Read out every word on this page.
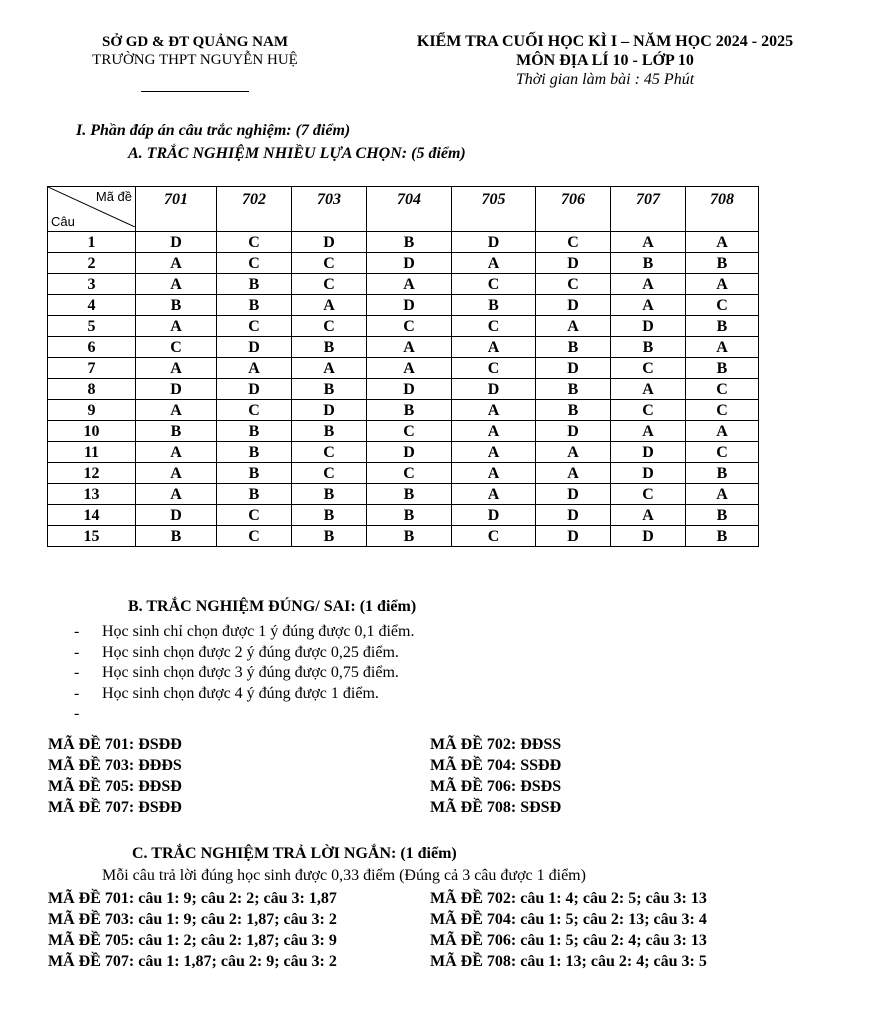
SỞ GD & ĐT QUẢNG NAM
TRƯỜNG THPT NGUYỄN HUỆ
KIỂM TRA CUỐI HỌC KÌ I – NĂM HỌC 2024 - 2025
MÔN ĐỊA LÍ 10 - LỚP 10
Thời gian làm bài : 45 Phút
I. Phần đáp án câu trắc nghiệm: (7 điểm)
A. TRẮC NGHIỆM NHIỀU LỰA CHỌN: (5 điểm)
Mã đề
Câu	701	702	703	704	705	706	707	708
1	D	C	D	B	D	C	A	A
2	A	C	C	D	A	D	B	B
3	A	B	C	A	C	C	A	A
4	B	B	A	D	B	D	A	C
5	A	C	C	C	C	A	D	B
6	C	D	B	A	A	B	B	A
7	A	A	A	A	C	D	C	B
8	D	D	B	D	D	B	A	C
9	A	C	D	B	A	B	C	C
10	B	B	B	C	A	D	A	A
11	A	B	C	D	A	A	D	C
12	A	B	C	C	A	A	D	B
13	A	B	B	B	A	D	C	A
14	D	C	B	B	D	D	A	B
15	B	C	B	B	C	D	D	B
B. TRẮC NGHIỆM ĐÚNG/ SAI: (1 điểm)
- Học sinh chỉ chọn được 1 ý đúng được 0,1 điểm.
- Học sinh chọn được 2 ý đúng được 0,25 điểm.
- Học sinh chọn được 3 ý đúng được 0,75 điểm.
- Học sinh chọn được 4 ý đúng được 1 điểm.
-
MÃ ĐỀ 701: ĐSĐĐ
MÃ ĐỀ 703: ĐĐĐS
MÃ ĐỀ 705: ĐĐSĐ
MÃ ĐỀ 707: ĐSĐĐ
MÃ ĐỀ 702: ĐĐSS
MÃ ĐỀ 704: SSĐĐ
MÃ ĐỀ 706: ĐSĐS
MÃ ĐỀ 708: SĐSĐ
C. TRẮC NGHIỆM TRẢ LỜI NGẮN: (1 điểm)
Mỗi câu trả lời đúng học sinh được 0,33 điểm (Đúng cả 3 câu được 1 điểm)
MÃ ĐỀ 701: câu 1: 9; câu 2: 2; câu 3: 1,87
MÃ ĐỀ 703: câu 1: 9; câu 2: 1,87; câu 3: 2
MÃ ĐỀ 705: câu 1: 2; câu 2: 1,87; câu 3: 9
MÃ ĐỀ 707: câu 1: 1,87; câu 2: 9; câu 3: 2
MÃ ĐỀ 702: câu 1: 4; câu 2: 5; câu 3: 13
MÃ ĐỀ 704: câu 1: 5; câu 2: 13; câu 3: 4
MÃ ĐỀ 706: câu 1: 5; câu 2: 4; câu 3: 13
MÃ ĐỀ 708: câu 1: 13; câu 2: 4; câu 3: 5
